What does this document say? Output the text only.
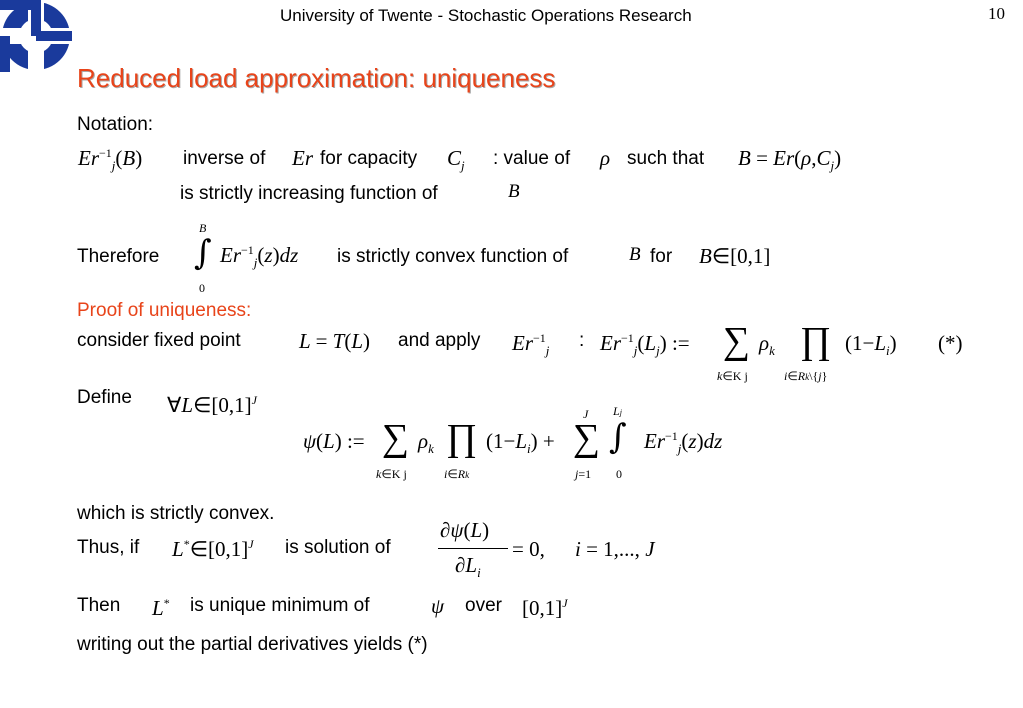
University of Twente - Stochastic Operations Research	10
Reduced load approximation: uniqueness
Notation:
$Er^{-1}_j(B)$ inverse of Er for capacity $C_j$ : value of ρ such that $B = Er(\rho,C_j)$
is strictly increasing function of	B
Therefore
B
∫
0
$Er^{-1}_j(z)dz$ is strictly convex function of	B for B∈[0,1]
Proof of uniqueness:
consider fixed point	L = T(L) and apply $Er^{-1}_j$ : $Er^{-1}_j(L_j)$ := ∑
k∈K j
$\rho_k$ ∏
i∈Rk\{j}
$(1-L_i)$ (*)
Define $\forall L\in[0,1]^J$
ψ(L) := ∑
k∈K j
$\rho_k$ ∏
i∈Rk
$(1-L_i)$ +
J
∑
j=1
Lj
∫
0
$Er^{-1}_j(z)dz$
which is strictly convex.
Thus, if $L^*\in[0,1]^J$ is solution of
∂ψ(L)
$\partial L_i$
= 0, i = 1,..., J
Then L* is unique minimum of	ψ over $[0,1]^J$
writing out the partial derivatives yields (*)
